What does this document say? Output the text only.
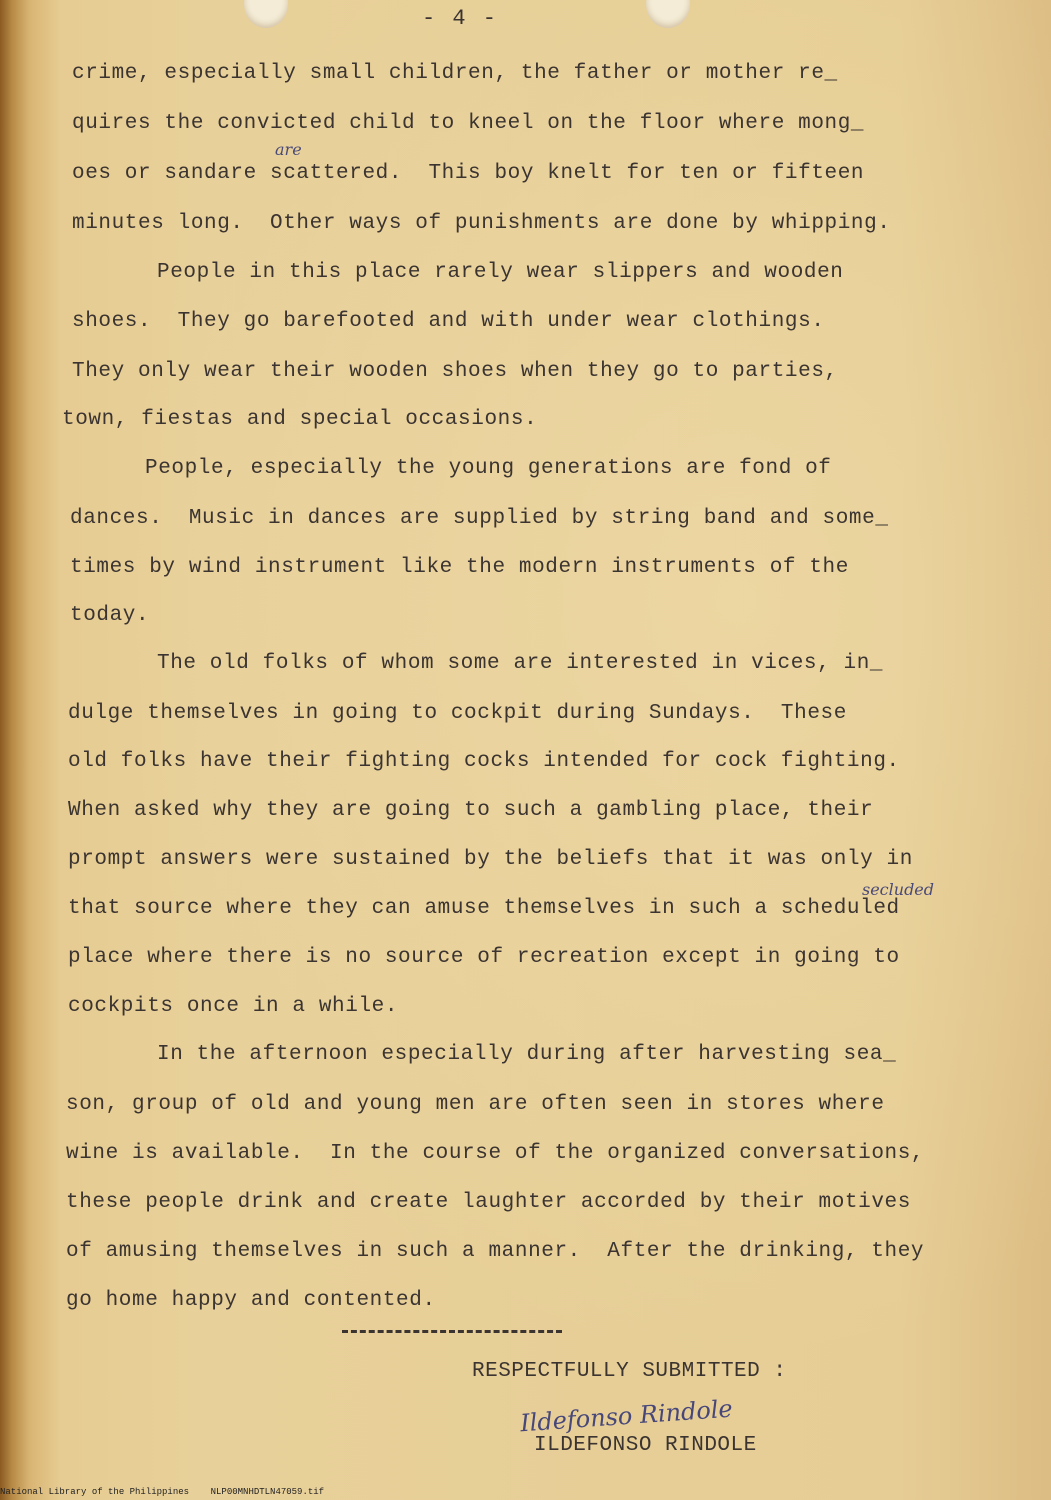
- 4 -
crime, especially small children, the father or mother re_
quires the convicted child to kneel on the floor where mong_
oes or sandare scattered.  This boy knelt for ten or fifteen
minutes long.  Other ways of punishments are done by whipping.
People in this place rarely wear slippers and wooden
shoes.  They go barefooted and with under wear clothings.
They only wear their wooden shoes when they go to parties,
town, fiestas and special occasions.
People, especially the young generations are fond of
dances.  Music in dances are supplied by string band and some_
times by wind instrument like the modern instruments of the
today.
The old folks of whom some are interested in vices, in_
dulge themselves in going to cockpit during Sundays.  These
old folks have their fighting cocks intended for cock fighting.
When asked why they are going to such a gambling place, their
prompt answers were sustained by the beliefs that it was only in
that source where they can amuse themselves in such a scheduled
place where there is no source of recreation except in going to
cockpits once in a while.
In the afternoon especially during after harvesting sea_
son, group of old and young men are often seen in stores where
wine is available.  In the course of the organized conversations,
these people drink and create laughter accorded by their motives
of amusing themselves in such a manner.  After the drinking, they
go home happy and contented.
are
secluded
RESPECTFULLY SUBMITTED :
Ildefonso Rindole
ILDEFONSO RINDOLE
National Library of the Philippines    NLP00MNHDTLN47059.tif
